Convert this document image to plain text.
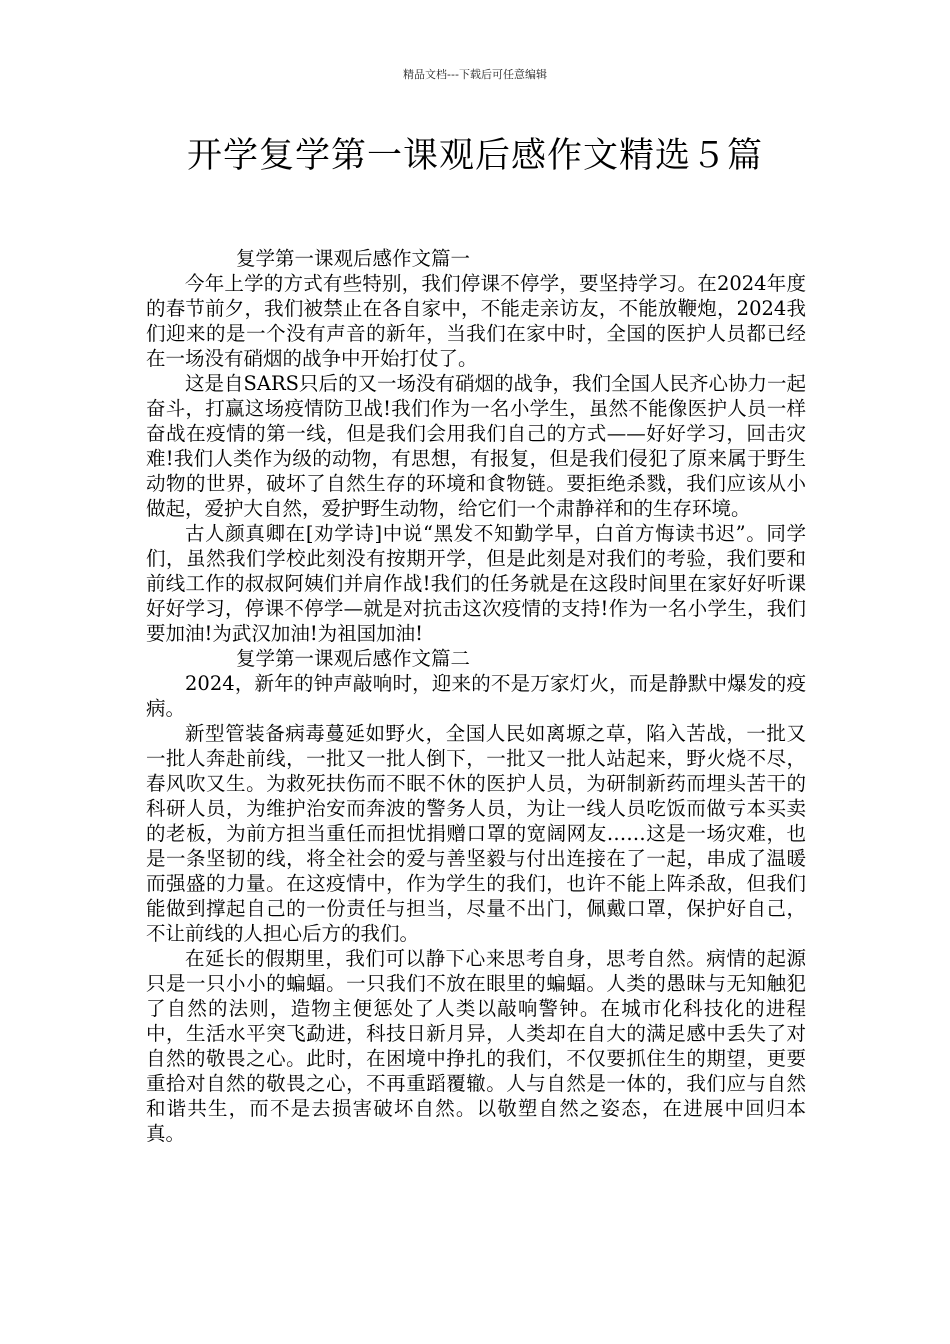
精品文档---下载后可任意编辑
开学复学第一课观后感作文精选５篇
复学第一课观后感作文篇一

今年上学的方式有些特别，我们停课不停学，要坚持学习。在2024年度的春节前夕，我们被禁止在各自家中，不能走亲访友，不能放鞭炮，2024我们迎来的是一个没有声音的新年，当我们在家中时，全国的医护人员都已经在一场没有硝烟的战争中开始打仗了。

这是自SARS只后的又一场没有硝烟的战争，我们全国人民齐心协力一起奋斗，打赢这场疫情防卫战!我们作为一名小学生，虽然不能像医护人员一样奋战在疫情的第一线，但是我们会用我们自己的方式——好好学习，回击灾难!我们人类作为级的动物，有思想，有报复，但是我们侵犯了原来属于野生动物的世界，破坏了自然生存的环境和食物链。要拒绝杀戮，我们应该从小做起，爱护大自然，爱护野生动物，给它们一个肃静祥和的生存环境。

古人颜真卿在[劝学诗]中说“黑发不知勤学早，白首方悔读书迟”。同学们，虽然我们学校此刻没有按期开学，但是此刻是对我们的考验，我们要和前线工作的叔叔阿姨们并肩作战!我们的任务就是在这段时间里在家好好听课好好学习，停课不停学—就是对抗击这次疫情的支持!作为一名小学生，我们要加油!为武汉加油!为祖国加油!

复学第一课观后感作文篇二

2024，新年的钟声敲响时，迎来的不是万家灯火，而是静默中爆发的疫病。

新型管装备病毒蔓延如野火，全国人民如离塬之草，陷入苦战，一批又一批人奔赴前线，一批又一批人倒下，一批又一批人站起来，野火烧不尽，春风吹又生。为救死扶伤而不眠不休的医护人员，为研制新药而埋头苦干的科研人员，为维护治安而奔波的警务人员，为让一线人员吃饭而做亏本买卖的老板，为前方担当重任而担忧捐赠口罩的宽阔网友……这是一场灾难，也是一条坚韧的线，将全社会的爱与善坚毅与付出连接在了一起，串成了温暖而强盛的力量。在这疫情中，作为学生的我们，也许不能上阵杀敌，但我们能做到撑起自己的一份责任与担当，尽量不出门，佩戴口罩，保护好自己，不让前线的人担心后方的我们。

在延长的假期里，我们可以静下心来思考自身，思考自然。病情的起源只是一只小小的蝙蝠。一只我们不放在眼里的蝙蝠。人类的愚昧与无知触犯了自然的法则，造物主便惩处了人类以敲响警钟。在城市化科技化的进程中，生活水平突飞勐进，科技日新月异，人类却在自大的满足感中丢失了对自然的敬畏之心。此时，在困境中挣扎的我们，不仅要抓住生的期望，更要重拾对自然的敬畏之心，不再重蹈覆辙。人与自然是一体的，我们应与自然和谐共生，而不是去损害破坏自然。以敬塑自然之姿态，在进展中回归本真。
